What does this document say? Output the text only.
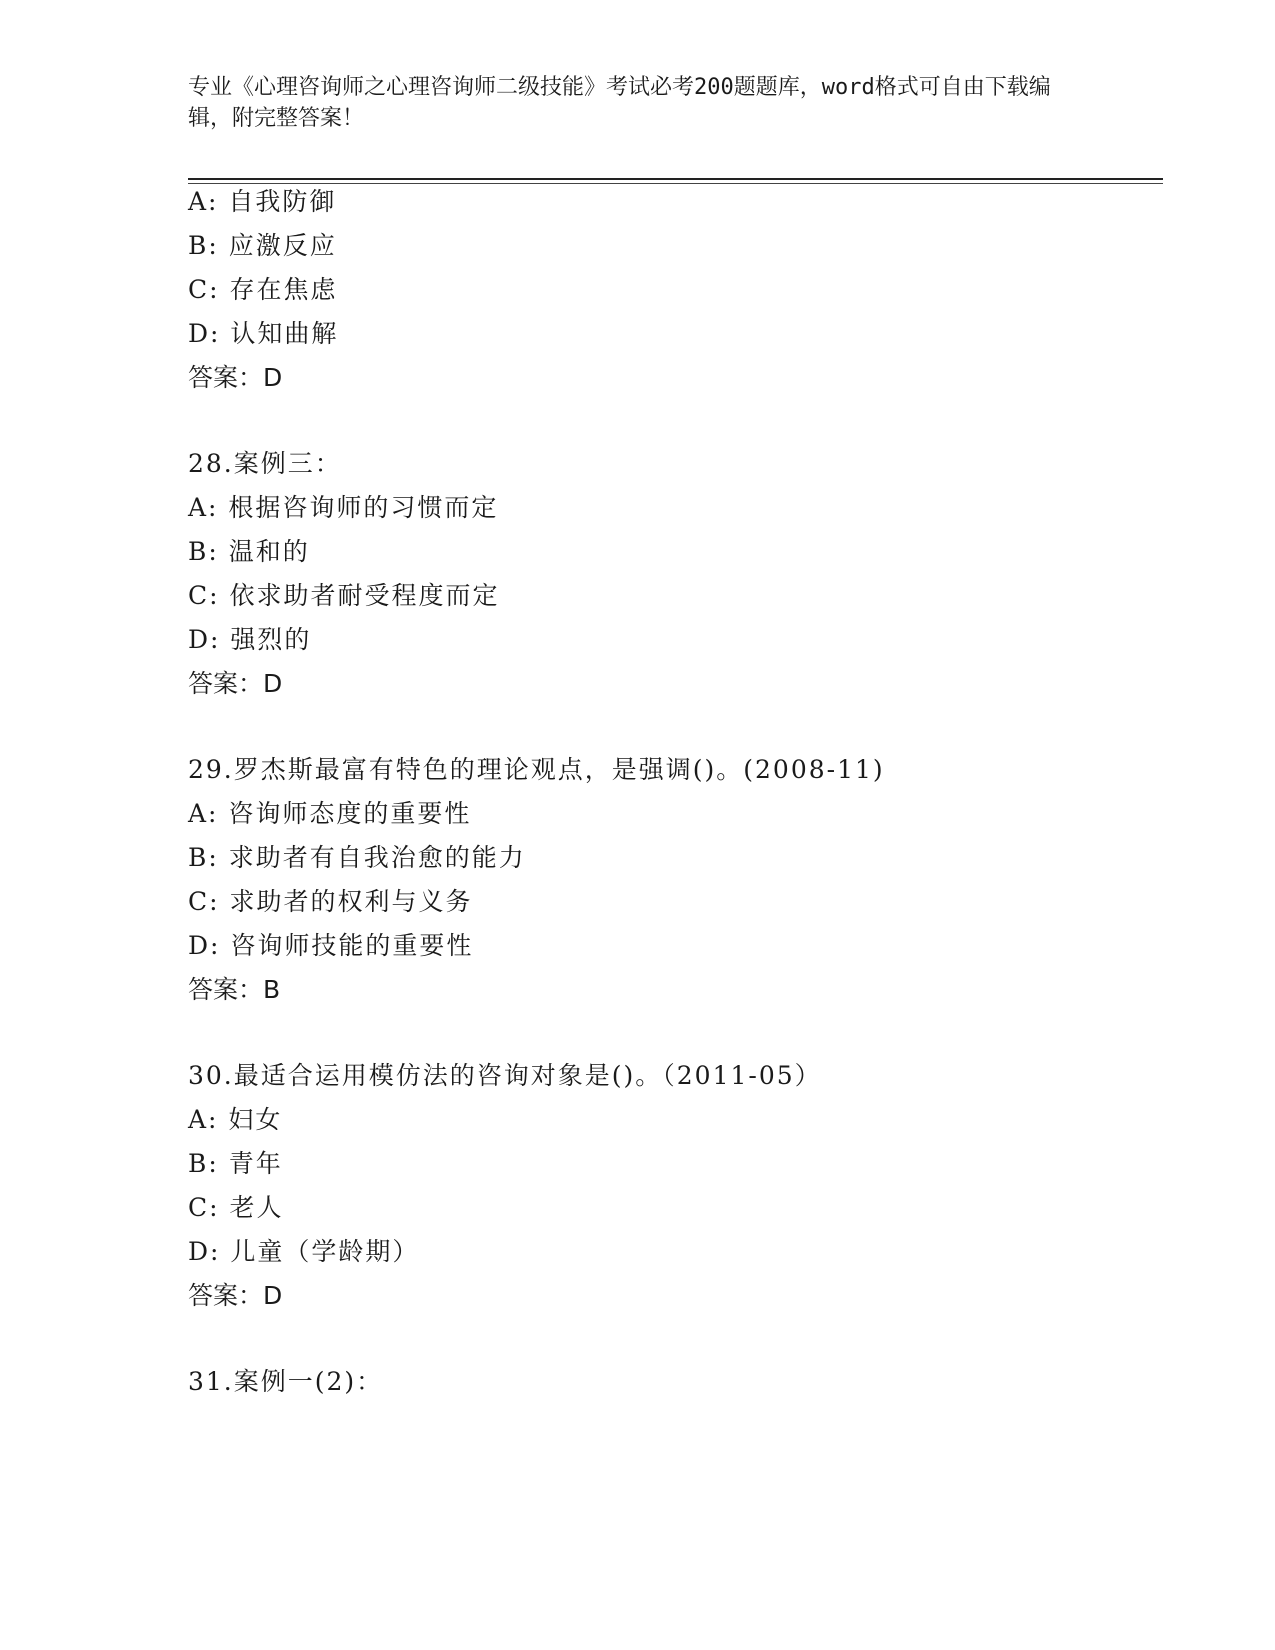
专业《心理咨询师之心理咨询师二级技能》考试必考200题题库，word格式可自由下载编辑，附完整答案！
A: 自我防御
B: 应激反应
C: 存在焦虑
D: 认知曲解
答案：D
28.案例三：
A: 根据咨询师的习惯而定
B: 温和的
C: 依求助者耐受程度而定
D: 强烈的
答案：D
29.罗杰斯最富有特色的理论观点，是强调()。(2008-11)
A: 咨询师态度的重要性
B: 求助者有自我治愈的能力
C: 求助者的权利与义务
D: 咨询师技能的重要性
答案：B
30.最适合运用模仿法的咨询对象是()。（2011-05）
A: 妇女
B: 青年
C: 老人
D: 儿童（学龄期）
答案：D
31.案例一(2)：
